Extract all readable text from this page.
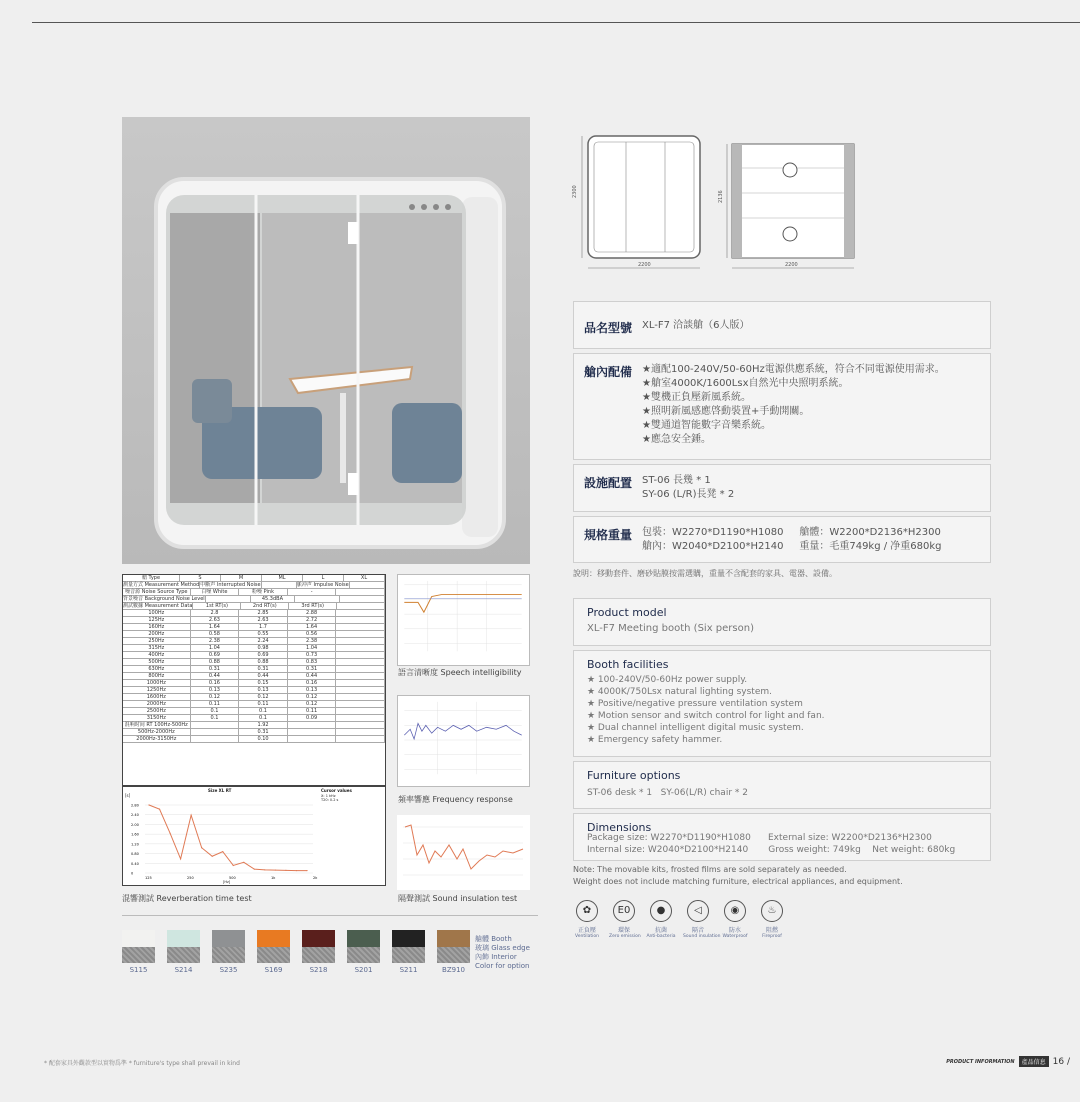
2300
2200
2136
2200
品名型號 XL-F7 洽談艙（6人版）
艙內配備 ★適配100-240V/50-60Hz電源供應系統，符合不同電源使用需求。
★艙室4000K/1600Lsx自然光中央照明系統。
★雙機正負壓新風系統。
★照明新風感應啓動裝置+手動開關。
★雙通道智能數字音樂系統。
★應急安全錘。
設施配置 ST-06 長幾 * 1
SY-06 (L/R)長凳 * 2
規格重量 包裝：W2270*D1190*H1080     艙體：W2200*D2136*H2300
艙內：W2040*D2100*H2140     重量：毛重749kg / 净重680kg
說明：移動套件、磨砂貼膜按需選購，重量不含配套的家具、電器、設備。
Product model
XL-F7 Meeting booth (Six person)
Booth facilities
★ 100-240V/50-60Hz power supply.
★ 4000K/750Lsx natural lighting system.
★ Positive/negative pressure ventilation system
★ Motion sensor and switch control for light and fan.
★ Dual channel intelligent digital music system.
★ Emergency safety hammer.
Furniture options
ST-06 desk * 1   SY-06(L/R) chair * 2
Dimensions
Package size: W2270*D1190*H1080      External size: W2200*D2136*H2300
Internal size: W2040*D2100*H2140       Gross weight: 749kg    Net weight: 680kg
Note: The movable kits, frosted films are sold separately as needed.
Weight does not include matching furniture, electrical appliances, and equipment.
艙 Type	S	M	ML	L	XL
測量方式 Measurement Method 中斷声 Interrupted Noise	脈冲声 Impulse Noise
噪音源 Noise Source Type	白噪 White	粉噪 Pink	-
背景噪音 Background Noise Level	45.3dBA
測試數據 Measurement Data	1st RT(s)	2nd RT(s)	3rd RT(s)
100Hz	2.8	2.85	2.88
125Hz	2.63	2.63	2.72
160Hz	1.64	1.7	1.64
200Hz	0.58	0.55	0.56
250Hz	2.38	2.24	2.38
315Hz	1.04	0.98	1.04
400Hz	0.69	0.69	0.73
500Hz	0.88	0.88	0.83
630Hz	0.31	0.31	0.31
800Hz	0.44	0.44	0.44
1000Hz	0.16	0.15	0.16
1250Hz	0.13	0.13	0.13
1600Hz	0.12	0.12	0.12
2000Hz	0.11	0.11	0.12
2500Hz	0.1	0.1	0.11
3150Hz	0.1	0.1	0.09
混响时间 RT 100Hz-500Hz	1.92
500Hz-2000Hz	0.31
2000Hz-3150Hz	0.10
Size XL RT	Cursor values
X: 1 kHz
T20: 0.2 s
[s]
[Hz]
2.80
2.40
2.00
1.60
1.20
0.80
0.40
0
125	250	500	1k	2k
語言清晰度 Speech intelligibility
頻率響應 Frequency response
隔聲測試 Sound insulation test
混響測試 Reverberation time test
S115	S214	S235	S169	S218	S201	S211	BZ910
艙體 Booth
玻璃 Glass edge
內飾 Interior
Color for option
✿
正負壓
Ventilation
E0
環保
Zero emission
●
抗菌
Anti-bacteria
◁
隔音
Sound insulation
◉
防水
Waterproof
♨
阻燃
Fireproof
* 配套家具外觀款型以實物爲準 * furniture's type shall prevail in kind	PRODUCT INFORMATION	產品信息 16 /
